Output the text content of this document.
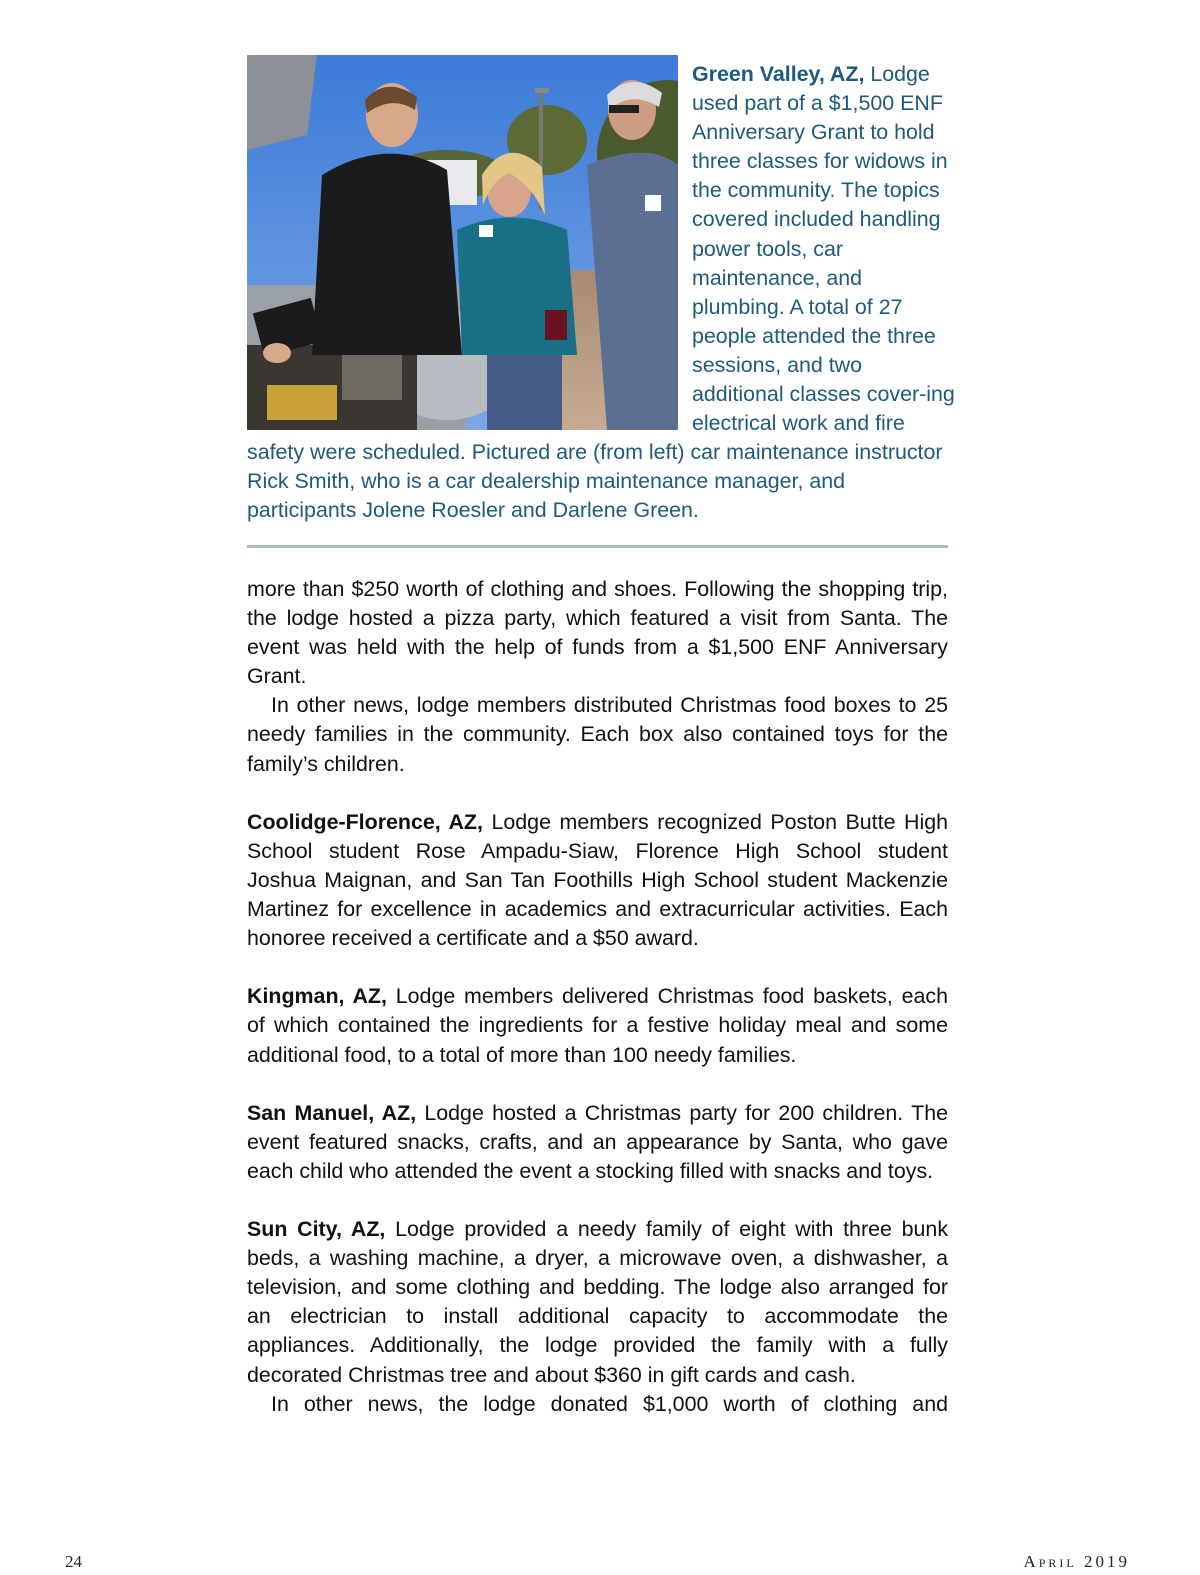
Green Valley, AZ, Lodge used part of a $1,500 ENF Anniversary Grant to hold three classes for widows in the community. The topics covered included handling power tools, car maintenance, and plumbing. A total of 27 people attended the three sessions, and two additional classes cover-ing electrical work and fire safety were scheduled. Pictured are (from left) car maintenance instructor Rick Smith, who is a car dealership maintenance manager, and participants Jolene Roesler and Darlene Green.

more than $250 worth of clothing and shoes. Following the shopping trip, the lodge hosted a pizza party, which featured a visit from Santa. The event was held with the help of funds from a $1,500 ENF Anniversary Grant.

In other news, lodge members distributed Christmas food boxes to 25 needy families in the community. Each box also contained toys for the family’s children.

Coolidge-Florence, AZ, Lodge members recognized Poston Butte High School student Rose Ampadu-Siaw, Florence High School student Joshua Maignan, and San Tan Foothills High School student Mackenzie Martinez for excellence in academics and extracurricular activities. Each honoree received a certificate and a $50 award.

Kingman, AZ, Lodge members delivered Christmas food baskets, each of which contained the ingredients for a festive holiday meal and some additional food, to a total of more than 100 needy families.

San Manuel, AZ, Lodge hosted a Christmas party for 200 children. The event featured snacks, crafts, and an appearance by Santa, who gave each child who attended the event a stocking filled with snacks and toys.

Sun City, AZ, Lodge provided a needy family of eight with three bunk beds, a washing machine, a dryer, a microwave oven, a dishwasher, a television, and some clothing and bedding. The lodge also arranged for an electrician to install additional capacity to accommodate the appliances. Additionally, the lodge provided the family with a fully decorated Christmas tree and about $360 in gift cards and cash.

In other news, the lodge donated $1,000 worth of clothing and

24	April 2019
